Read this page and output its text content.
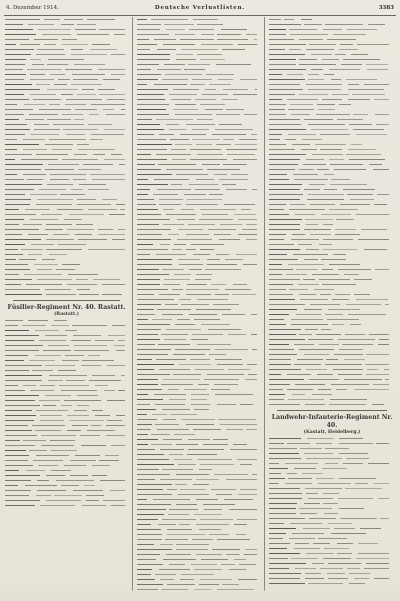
4. Dezember 1914.	Deutsche Verlustlisten.	3383
Füsilier-Regiment Nr. 40. Rastatt.
(Rastatt.)
Landwehr-Infanterie-Regiment Nr. 40.
(Kastatt, Heidelberg.)
